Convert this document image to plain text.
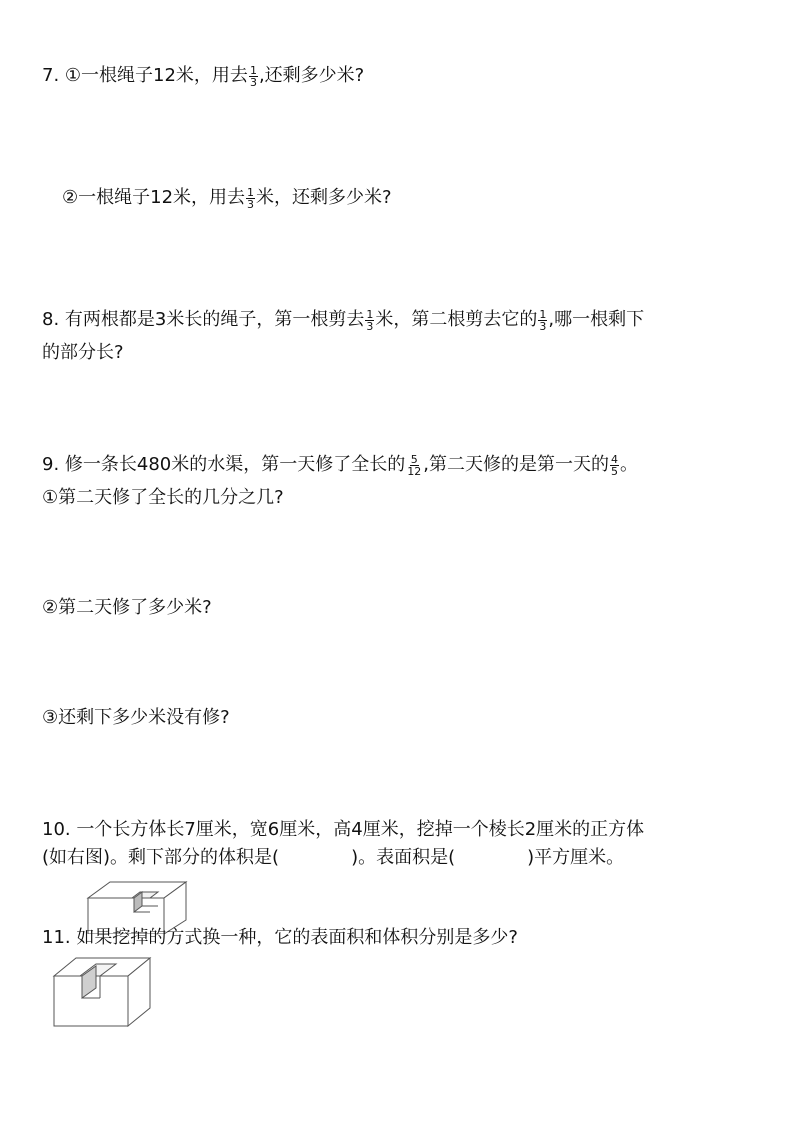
7. ①一根绳子12米，用去 $\frac{1}{3}$ ,还剩多少米?
②一根绳子12米，用去 $\frac{1}{3}$ 米，还剩多少米?
8. 有两根都是3米长的绳子，第一根剪去 $\frac{1}{3}$ 米，第二根剪去它的 $\frac{1}{3}$ ,哪一根剩下
的部分长?
9. 修一条长480米的水渠，第一天修了全长的 $\frac{5}{12}$ ,第二天修的是第一天的 $\frac{4}{5}$ 。
①第二天修了全长的几分之几?
②第二天修了多少米?
③还剩下多少米没有修?
10. 一个长方体长7厘米，宽6厘米，高4厘米，挖掉一个棱长2厘米的正方体
(如右图)。剩下部分的体积是(　　　　)。表面积是(　　　　)平方厘米。
11. 如果挖掉的方式换一种，它的表面积和体积分别是多少?
